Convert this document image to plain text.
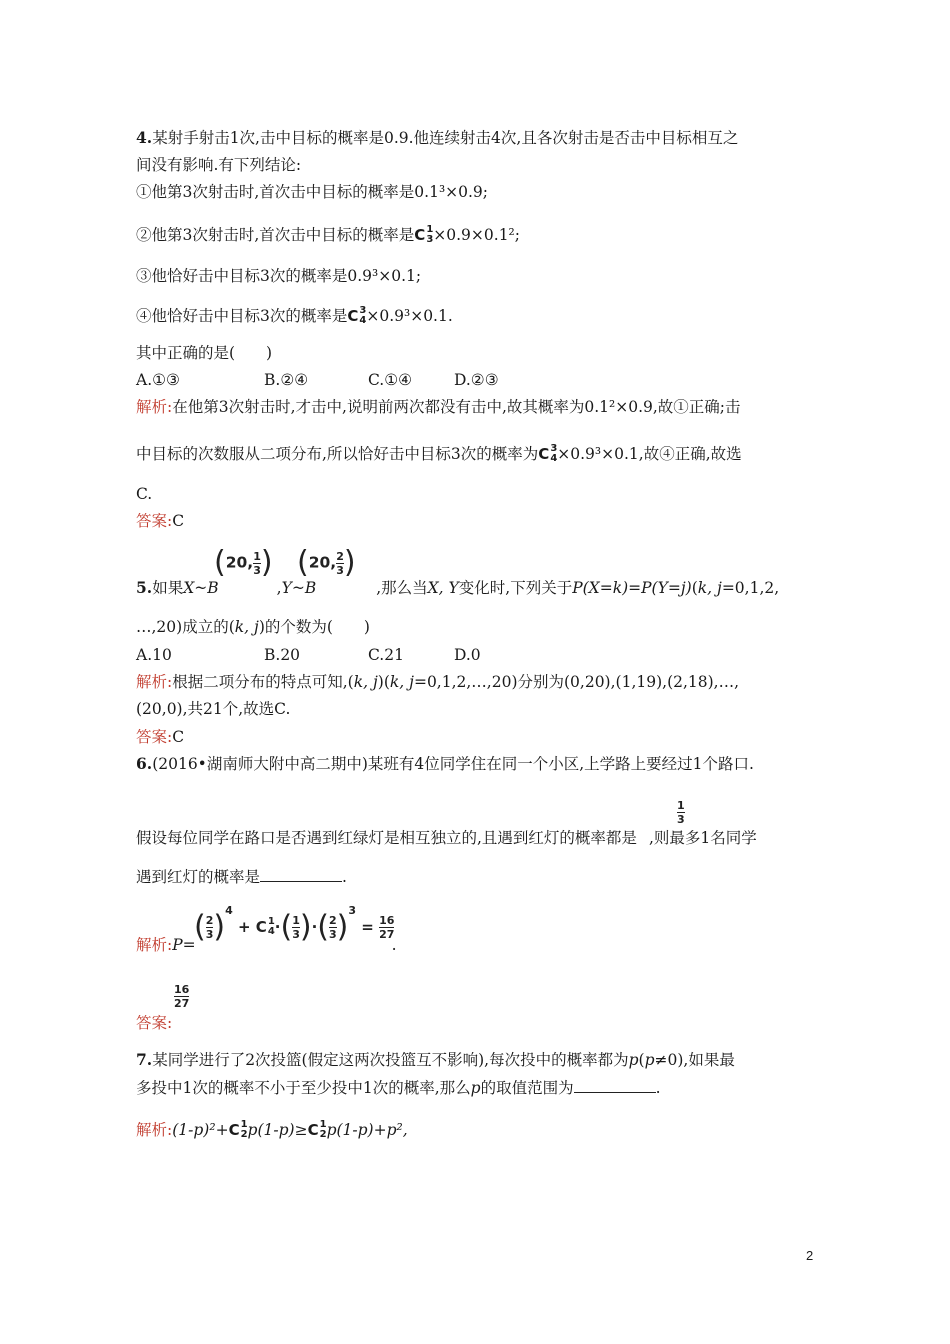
4.某射手射击1次,击中目标的概率是0.9.他连续射击4次,且各次射击是否击中目标相互之
间没有影响.有下列结论:
①他第3次射击时,首次击中目标的概率是0.1³×0.9;
②他第3次射击时,首次击中目标的概率是 C 1
3 ×0.9×0.1²;
③他恰好击中目标3次的概率是0.9³×0.1;
④他恰好击中目标3次的概率是 C 3
4 ×0.9³×0.1.
其中正确的是(　　)
A.①③	B.②④	C.①④	D.②③
解析:在他第3次射击时,才击中,说明前两次都没有击中,故其概率为0.1²×0.9,故①正确;击
中目标的次数服从二项分布,所以恰好击中目标3次的概率为 C 3
4 ×0.9³×0.1,故④正确,故选
C.
答案:C
(20, $\frac{1}{3}$ ) (20, $\frac{2}{3}$ )
5.如果X~B	,Y~B	,那么当X, Y变化时,下列关于P(X=k)=P(Y=j)(k, j=0,1,2,
…,20)成立的(k, j)的个数为(　　)
A.10	B.20	C.21	D.0
解析:根据二项分布的特点可知,(k, j)(k, j=0,1,2,…,20)分别为(0,20),(1,19),(2,18),…,
(20,0),共21个,故选C.
答案:C
6.(2016•湖南师大附中高二期中)某班有4位同学住在同一个小区,上学路上要经过1个路口.
$\frac{1}{3}$
假设每位同学在路口是否遇到红绿灯是相互独立的,且遇到红灯的概率都是 ,则最多1名同学
遇到红灯的概率是	.
( $\frac{2}{3} )^4 + C$ 1
4 ·( $\frac{1}{3}$ )·( $\frac{2}{3} )^3 = \frac{16}{27}$
解析:P=	.
$\frac{16}{27}$
答案:
7.某同学进行了2次投篮(假定这两次投篮互不影响),每次投中的概率都为p(p≠0),如果最
多投中1次的概率不小于至少投中1次的概率,那么p的取值范围为	.
解析:(1-p)²+ C 1
2 p(1-p)≥ C 1
2 p(1-p)+p²,
2
